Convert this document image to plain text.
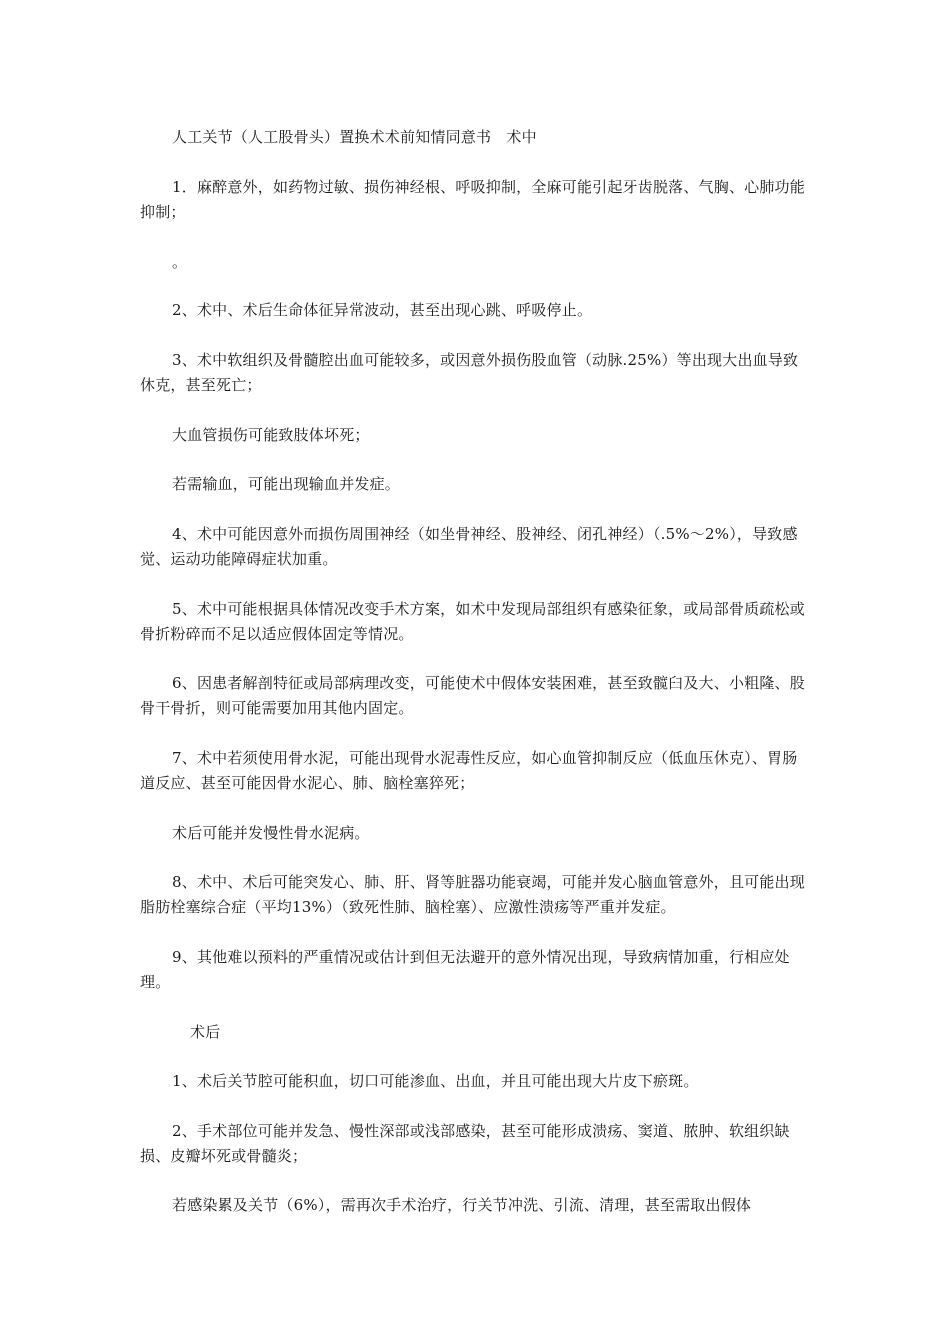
人工关节（人工股骨头）置换术术前知情同意书　术中

1．麻醉意外，如药物过敏、损伤神经根、呼吸抑制，全麻可能引起牙齿脱落、气胸、心肺功能抑制；

。

2、术中、术后生命体征异常波动，甚至出现心跳、呼吸停止。

3、术中软组织及骨髓腔出血可能较多，或因意外损伤股血管（动脉.25%）等出现大出血导致休克，甚至死亡；

大血管损伤可能致肢体坏死；

若需输血，可能出现输血并发症。

4、术中可能因意外而损伤周围神经（如坐骨神经、股神经、闭孔神经）（.5%～2%），导致感觉、运动功能障碍症状加重。

5、术中可能根据具体情况改变手术方案，如术中发现局部组织有感染征象，或局部骨质疏松或骨折粉碎而不足以适应假体固定等情况。

6、因患者解剖特征或局部病理改变，可能使术中假体安装困难，甚至致髋臼及大、小粗隆、股骨干骨折，则可能需要加用其他内固定。

7、术中若须使用骨水泥，可能出现骨水泥毒性反应，如心血管抑制反应（低血压休克）、胃肠道反应、甚至可能因骨水泥心、肺、脑栓塞猝死；

术后可能并发慢性骨水泥病。

8、术中、术后可能突发心、肺、肝、肾等脏器功能衰竭，可能并发心脑血管意外，且可能出现脂肪栓塞综合症（平均13%）（致死性肺、脑栓塞）、应激性溃疡等严重并发症。

9、其他难以预料的严重情况或估计到但无法避开的意外情况出现，导致病情加重，行相应处理。

术后

1、术后关节腔可能积血，切口可能渗血、出血，并且可能出现大片皮下瘀斑。

2、手术部位可能并发急、慢性深部或浅部感染，甚至可能形成溃疡、窦道、脓肿、软组织缺损、皮瓣坏死或骨髓炎；

若感染累及关节（6%），需再次手术治疗，行关节冲洗、引流、清理，甚至需取出假体
